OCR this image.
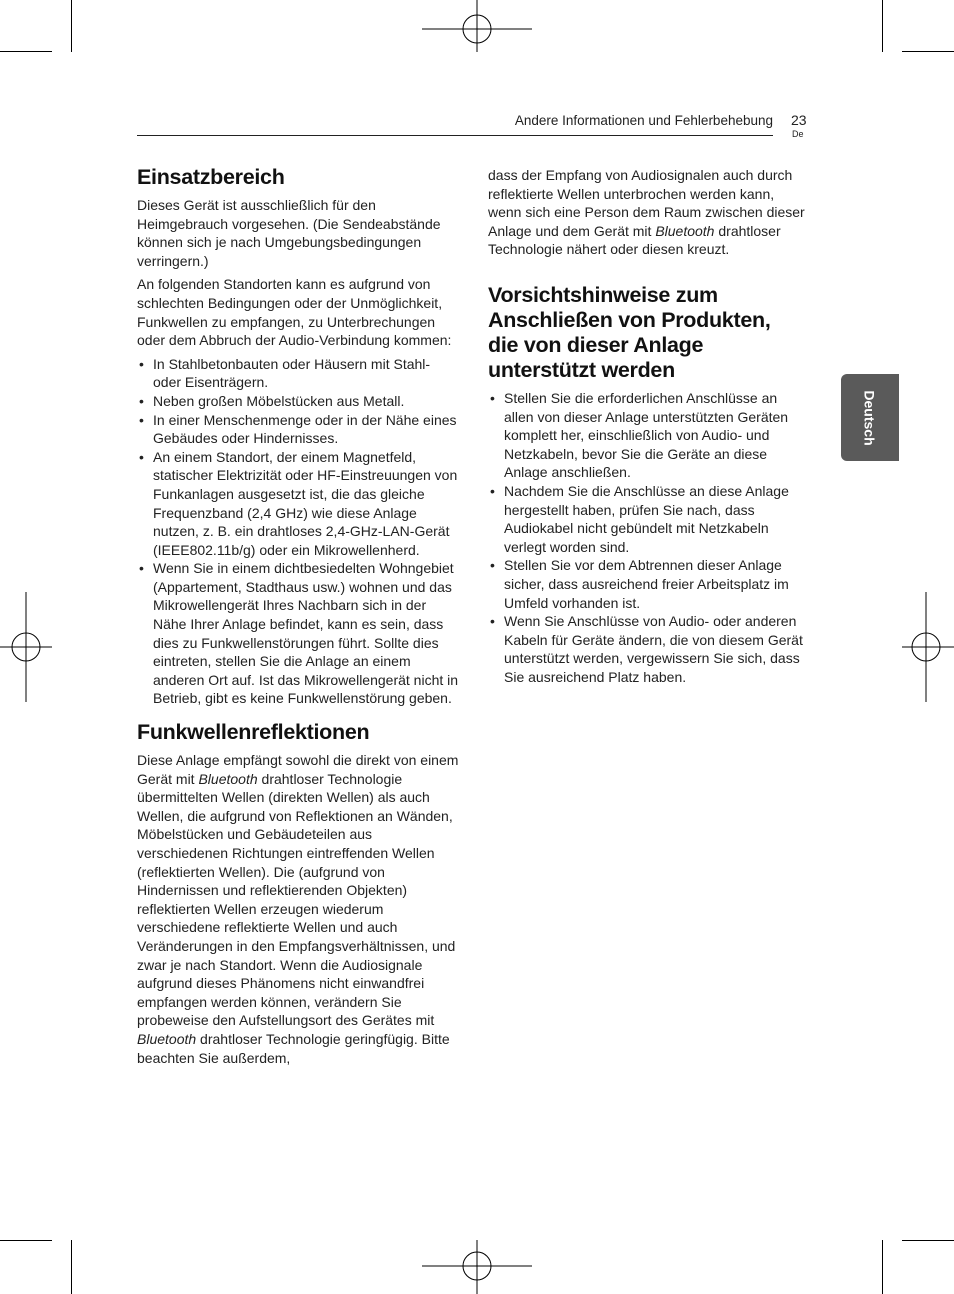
Andere Informationen und Fehlerbehebung 23
De
Deutsch
Einsatzbereich

Dieses Gerät ist ausschließlich für den Heimgebrauch vorgesehen. (Die Sendeabstände können sich je nach Umgebungsbedingungen verringern.)

An folgenden Standorten kann es aufgrund von schlechten Bedingungen oder der Unmöglichkeit, Funkwellen zu empfangen, zu Unterbrechungen oder dem Abbruch der Audio-Verbindung kommen:

• In Stahlbetonbauten oder Häusern mit Stahl- oder Eisenträgern.
• Neben großen Möbelstücken aus Metall.
• In einer Menschenmenge oder in der Nähe eines Gebäudes oder Hindernisses.
• An einem Standort, der einem Magnetfeld, statischer Elektrizität oder HF-Einstreuungen von Funkanlagen ausgesetzt ist, die das gleiche Frequenzband (2,4 GHz) wie diese Anlage nutzen, z. B. ein drahtloses 2,4-GHz-LAN-Gerät (IEEE802.11b/g) oder ein Mikrowellenherd.
• Wenn Sie in einem dichtbesiedelten Wohngebiet (Appartement, Stadthaus usw.) wohnen und das Mikrowellengerät Ihres Nachbarn sich in der Nähe Ihrer Anlage befindet, kann es sein, dass dies zu Funkwellenstörungen führt. Sollte dies eintreten, stellen Sie die Anlage an einem anderen Ort auf. Ist das Mikrowellengerät nicht in Betrieb, gibt es keine Funkwellenstörung geben.
Funkwellenreflektionen

Diese Anlage empfängt sowohl die direkt von einem Gerät mit Bluetooth drahtloser Technologie übermittelten Wellen (direkten Wellen) als auch Wellen, die aufgrund von Reflektionen an Wänden, Möbelstücken und Gebäudeteilen aus verschiedenen Richtungen eintreffenden Wellen (reflektierten Wellen). Die (aufgrund von Hindernissen und reflektierenden Objekten) reflektierten Wellen erzeugen wiederum verschiedene reflektierte Wellen und auch Veränderungen in den Empfangsverhältnissen, und zwar je nach Standort. Wenn die Audiosignale aufgrund dieses Phänomens nicht einwandfrei empfangen werden können, verändern Sie probeweise den Aufstellungsort des Gerätes mit Bluetooth drahtloser Technologie geringfügig. Bitte beachten Sie außerdem,

dass der Empfang von Audiosignalen auch durch reflektierte Wellen unterbrochen werden kann, wenn sich eine Person dem Raum zwischen dieser Anlage und dem Gerät mit Bluetooth drahtloser Technologie nähert oder diesen kreuzt.

Vorsichtshinweise zum Anschließen von Produkten, die von dieser Anlage unterstützt werden
• Stellen Sie die erforderlichen Anschlüsse an allen von dieser Anlage unterstützten Geräten komplett her, einschließlich von Audio- und Netzkabeln, bevor Sie die Geräte an diese Anlage anschließen.
• Nachdem Sie die Anschlüsse an diese Anlage hergestellt haben, prüfen Sie nach, dass Audiokabel nicht gebündelt mit Netzkabeln verlegt worden sind.
• Stellen Sie vor dem Abtrennen dieser Anlage sicher, dass ausreichend freier Arbeitsplatz im Umfeld vorhanden ist.
• Wenn Sie Anschlüsse von Audio- oder anderen Kabeln für Geräte ändern, die von diesem Gerät unterstützt werden, vergewissern Sie sich, dass Sie ausreichend Platz haben.
